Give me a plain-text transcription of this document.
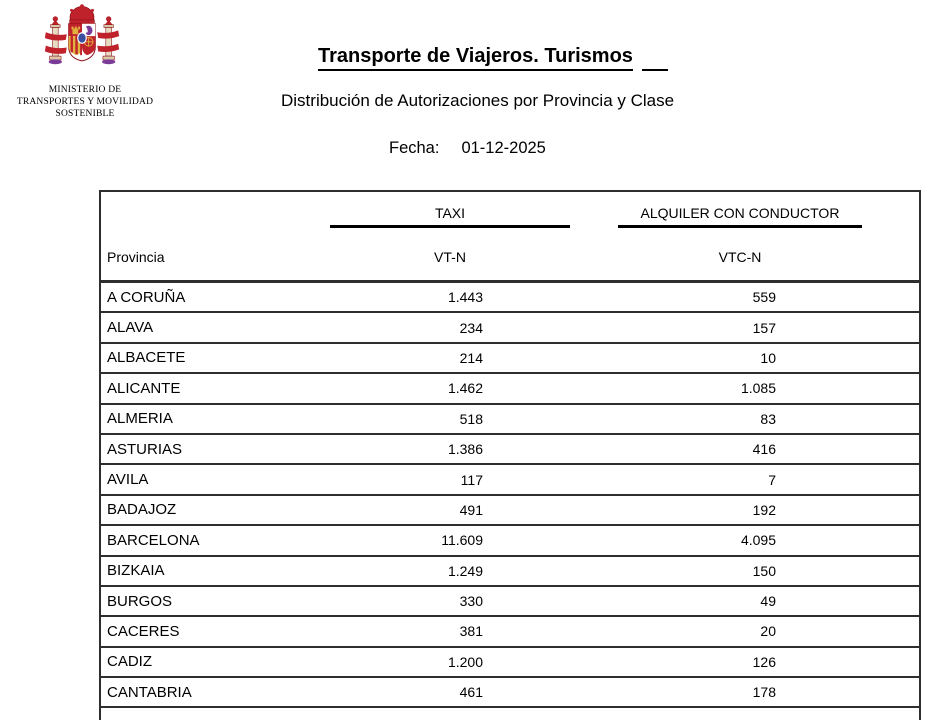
MINISTERIO DE
TRANSPORTES Y MOVILIDAD
SOSTENIBLE
Transporte de Viajeros. Turismos
Distribución de Autorizaciones por Provincia y Clase
Fecha: 01-12-2025
TAXI	ALQUILER CON CONDUCTOR
Provincia	VT-N	VTC-N
A CORUÑA	1.443	559
ALAVA	234	157
ALBACETE	214	10
ALICANTE	1.462	1.085
ALMERIA	518	83
ASTURIAS	1.386	416
AVILA	117	7
BADAJOZ	491	192
BARCELONA	11.609	4.095
BIZKAIA	1.249	150
BURGOS	330	49
CACERES	381	20
CADIZ	1.200	126
CANTABRIA	461	178
